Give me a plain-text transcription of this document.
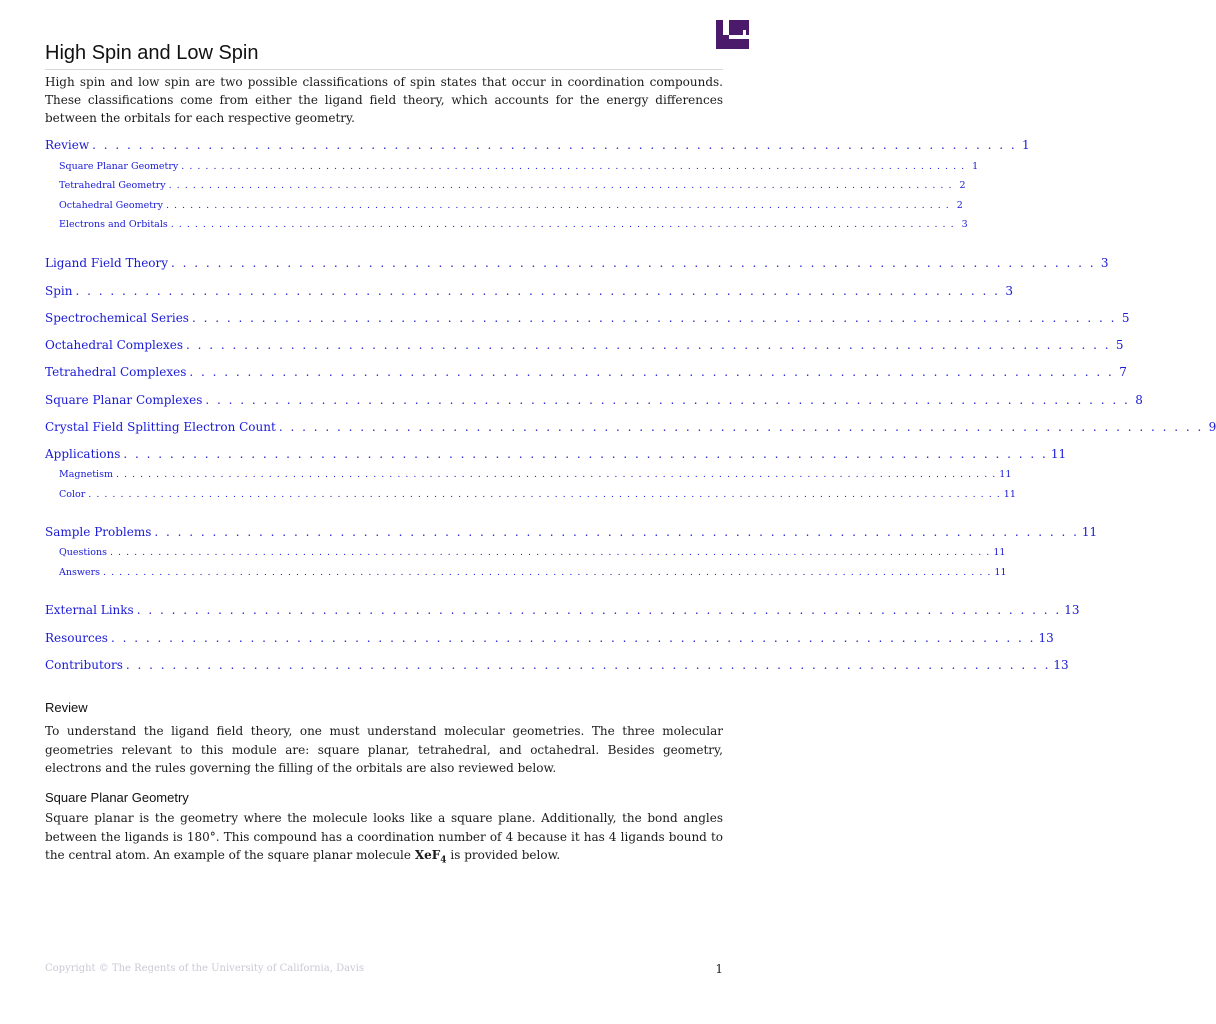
High Spin and Low Spin
High spin and low spin are two possible classifications of spin states that occur in coordination compounds. These classifications come from either the ligand field theory, which accounts for the energy differences between the orbitals for each respective geometry.
Review . . . . . . . . . . . . . . . . . . . . . . . . . . . . . . . . . . . . . . . . . . . . . . . . . . . . . . . . . . . . . . . . . . . . . . . . . . . . . . . . 1
Square Planar Geometry . . . . . . . . . . . . . . . . . . . . . . . . . . . . . . . . . . . . . . . . . . . . . . . . . . . . . . . . . . . . . . . . . . . . . . . . . . . . . . . . . . . . . . . . . . . . . . . . . . 1
Tetrahedral Geometry . . . . . . . . . . . . . . . . . . . . . . . . . . . . . . . . . . . . . . . . . . . . . . . . . . . . . . . . . . . . . . . . . . . . . . . . . . . . . . . . . . . . . . . . . . . . . . . . . . 2
Octahedral Geometry . . . . . . . . . . . . . . . . . . . . . . . . . . . . . . . . . . . . . . . . . . . . . . . . . . . . . . . . . . . . . . . . . . . . . . . . . . . . . . . . . . . . . . . . . . . . . . . . . . 2
Electrons and Orbitals . . . . . . . . . . . . . . . . . . . . . . . . . . . . . . . . . . . . . . . . . . . . . . . . . . . . . . . . . . . . . . . . . . . . . . . . . . . . . . . . . . . . . . . . . . . . . . . . . . 3
Ligand Field Theory . . . . . . . . . . . . . . . . . . . . . . . . . . . . . . . . . . . . . . . . . . . . . . . . . . . . . . . . . . . . . . . . . . . . . . . . . . . . . . . . 3
Spin . . . . . . . . . . . . . . . . . . . . . . . . . . . . . . . . . . . . . . . . . . . . . . . . . . . . . . . . . . . . . . . . . . . . . . . . . . . . . . . . 3
Spectrochemical Series . . . . . . . . . . . . . . . . . . . . . . . . . . . . . . . . . . . . . . . . . . . . . . . . . . . . . . . . . . . . . . . . . . . . . . . . . . . . . . . . 5
Octahedral Complexes . . . . . . . . . . . . . . . . . . . . . . . . . . . . . . . . . . . . . . . . . . . . . . . . . . . . . . . . . . . . . . . . . . . . . . . . . . . . . . . . 5
Tetrahedral Complexes . . . . . . . . . . . . . . . . . . . . . . . . . . . . . . . . . . . . . . . . . . . . . . . . . . . . . . . . . . . . . . . . . . . . . . . . . . . . . . . . 7
Square Planar Complexes . . . . . . . . . . . . . . . . . . . . . . . . . . . . . . . . . . . . . . . . . . . . . . . . . . . . . . . . . . . . . . . . . . . . . . . . . . . . . . . . 8
Crystal Field Splitting Electron Count . . . . . . . . . . . . . . . . . . . . . . . . . . . . . . . . . . . . . . . . . . . . . . . . . . . . . . . . . . . . . . . . . . . . . . . . . . . . . . . . 9
Applications . . . . . . . . . . . . . . . . . . . . . . . . . . . . . . . . . . . . . . . . . . . . . . . . . . . . . . . . . . . . . . . . . . . . . . . . . . . . . . . . 11
Magnetism . . . . . . . . . . . . . . . . . . . . . . . . . . . . . . . . . . . . . . . . . . . . . . . . . . . . . . . . . . . . . . . . . . . . . . . . . . . . . . . . . . . . . . . . . . . . . . . . . . . . . . . . . . . . . . 11
Color . . . . . . . . . . . . . . . . . . . . . . . . . . . . . . . . . . . . . . . . . . . . . . . . . . . . . . . . . . . . . . . . . . . . . . . . . . . . . . . . . . . . . . . . . . . . . . . . . . . . . . . . . . . . . . . . . . 11
Sample Problems . . . . . . . . . . . . . . . . . . . . . . . . . . . . . . . . . . . . . . . . . . . . . . . . . . . . . . . . . . . . . . . . . . . . . . . . . . . . . . . . 11
Questions . . . . . . . . . . . . . . . . . . . . . . . . . . . . . . . . . . . . . . . . . . . . . . . . . . . . . . . . . . . . . . . . . . . . . . . . . . . . . . . . . . . . . . . . . . . . . . . . . . . . . . . . . . . . . . 11
Answers . . . . . . . . . . . . . . . . . . . . . . . . . . . . . . . . . . . . . . . . . . . . . . . . . . . . . . . . . . . . . . . . . . . . . . . . . . . . . . . . . . . . . . . . . . . . . . . . . . . . . . . . . . . . . . . 11
External Links . . . . . . . . . . . . . . . . . . . . . . . . . . . . . . . . . . . . . . . . . . . . . . . . . . . . . . . . . . . . . . . . . . . . . . . . . . . . . . . . 13
Resources . . . . . . . . . . . . . . . . . . . . . . . . . . . . . . . . . . . . . . . . . . . . . . . . . . . . . . . . . . . . . . . . . . . . . . . . . . . . . . . . 13
Contributors . . . . . . . . . . . . . . . . . . . . . . . . . . . . . . . . . . . . . . . . . . . . . . . . . . . . . . . . . . . . . . . . . . . . . . . . . . . . . . . . 13
Review
To understand the ligand field theory, one must understand molecular geometries. The three molecular geometries relevant to this module are: square planar, tetrahedral, and octahedral. Besides geometry, electrons and the rules governing the filling of the orbitals are also reviewed below.
Square Planar Geometry
Square planar is the geometry where the molecule looks like a square plane. Additionally, the bond angles between the ligands is 180°. This compound has a coordination number of 4 because it has 4 ligands bound to the central atom. An example of the square planar molecule XeF$_4$ is provided below.
Copyright © The Regents of the University of California, Davis	1
